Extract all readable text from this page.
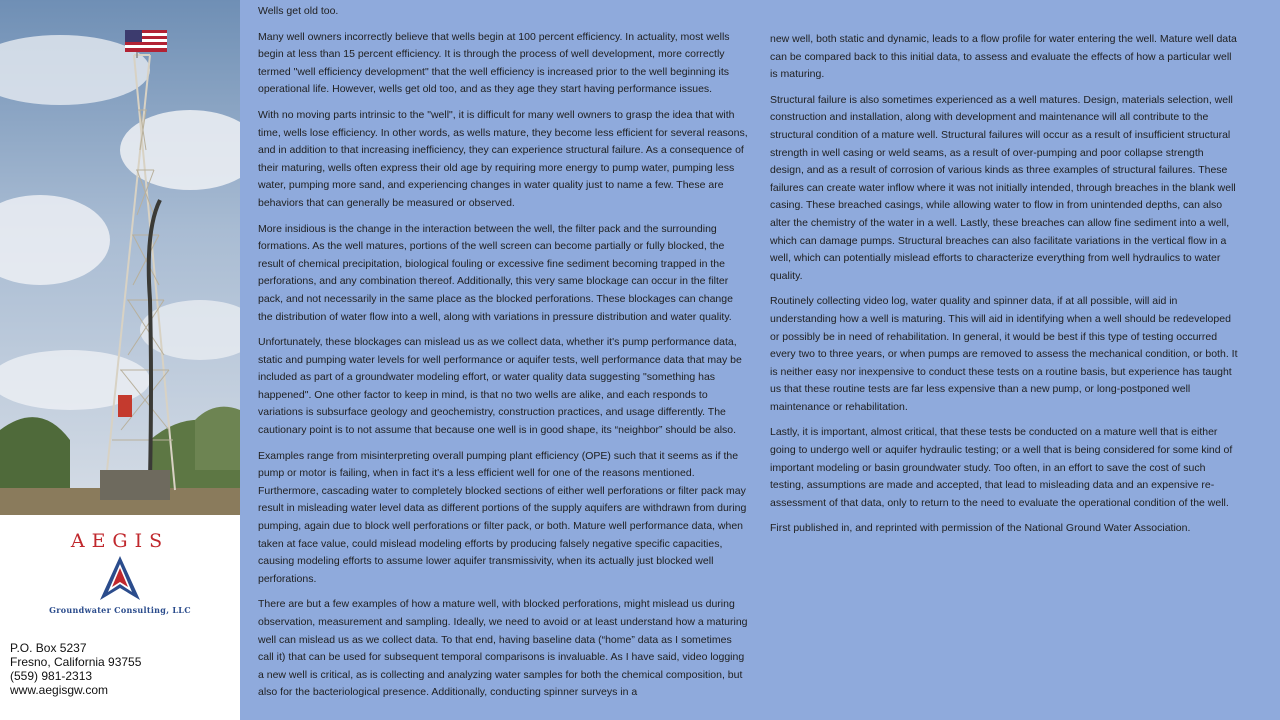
AEGIS
Groundwater Consulting, LLC
P.O. Box 5237
Fresno, California 93755
(559) 981-2313
www.aegisgw.com

Wells get old too.

Many well owners incorrectly believe that wells begin at 100 percent efficiency. In actuality, most wells begin at less than 15 percent efficiency. It is through the process of well development, more correctly termed "well efficiency development" that the well efficiency is increased prior to the well beginning its operational life. However, wells get old too, and as they age they start having performance issues.

With no moving parts intrinsic to the "well", it is difficult for many well owners to grasp the idea that with time, wells lose efficiency. In other words, as wells mature, they become less efficient for several reasons, and in addition to that increasing inefficiency, they can experience structural failure. As a consequence of their maturing, wells often express their old age by requiring more energy to pump water, pumping less water, pumping more sand, and experiencing changes in water quality just to name a few. These are behaviors that can generally be measured or observed.

More insidious is the change in the interaction between the well, the filter pack and the surrounding formations. As the well matures, portions of the well screen can become partially or fully blocked, the result of chemical precipitation, biological fouling or excessive fine sediment becoming trapped in the perforations, and any combination thereof. Additionally, this very same blockage can occur in the filter pack, and not necessarily in the same place as the blocked perforations. These blockages can change the distribution of water flow into a well, along with variations in pressure distribution and water quality.

Unfortunately, these blockages can mislead us as we collect data, whether it's pump performance data, static and pumping water levels for well performance or aquifer tests, well performance data that may be included as part of a groundwater modeling effort, or water quality data suggesting "something has happened". One other factor to keep in mind, is that no two wells are alike, and each responds to variations is subsurface geology and geochemistry, construction practices, and usage differently. The cautionary point is to not assume that because one well is in good shape, its “neighbor” should be also.

Examples range from misinterpreting overall pumping plant efficiency (OPE) such that it seems as if the pump or motor is failing, when in fact it's a less efficient well for one of the reasons mentioned. Furthermore, cascading water to completely blocked sections of either well perforations or filter pack may result in misleading water level data as different portions of the supply aquifers are withdrawn from during pumping, again due to block well perforations or filter pack, or both. Mature well performance data, when taken at face value, could mislead modeling efforts by producing falsely negative specific capacities, causing modeling efforts to assume lower aquifer transmissivity, when its actually just blocked well perforations.

There are but a few examples of how a mature well, with blocked perforations, might mislead us during observation, measurement and sampling. Ideally, we need to avoid or at least understand how a maturing well can mislead us as we collect data. To that end, having baseline data (“home” data as I sometimes call it) that can be used for subsequent temporal comparisons is invaluable. As I have said, video logging a new well is critical, as is collecting and analyzing water samples for both the chemical composition, but also for the bacteriological presence. Additionally, conducting spinner surveys in a

new well, both static and dynamic, leads to a flow profile for water entering the well. Mature well data can be compared back to this initial data, to assess and evaluate the effects of how a particular well is maturing.

Structural failure is also sometimes experienced as a well matures. Design, materials selection, well construction and installation, along with development and maintenance will all contribute to the structural condition of a mature well. Structural failures will occur as a result of insufficient structural strength in well casing or weld seams, as a result of over-pumping and poor collapse strength design, and as a result of corrosion of various kinds as three examples of structural failures. These failures can create water inflow where it was not initially intended, through breaches in the blank well casing. These breached casings, while allowing water to flow in from unintended depths, can also alter the chemistry of the water in a well. Lastly, these breaches can allow fine sediment into a well, which can damage pumps. Structural breaches can also facilitate variations in the vertical flow in a well, which can potentially mislead efforts to characterize everything from well hydraulics to water quality.

Routinely collecting video log, water quality and spinner data, if at all possible, will aid in understanding how a well is maturing. This will aid in identifying when a well should be redeveloped or possibly be in need of rehabilitation. In general, it would be best if this type of testing occurred every two to three years, or when pumps are removed to assess the mechanical condition, or both. It is neither easy nor inexpensive to conduct these tests on a routine basis, but experience has taught us that these routine tests are far less expensive than a new pump, or long-postponed well maintenance or rehabilitation.

Lastly, it is important, almost critical, that these tests be conducted on a mature well that is either going to undergo well or aquifer hydraulic testing; or a well that is being considered for some kind of important modeling or basin groundwater study. Too often, in an effort to save the cost of such testing, assumptions are made and accepted, that lead to misleading data and an expensive re-assessment of that data, only to return to the need to evaluate the operational condition of the well.

First published in, and reprinted with permission of the National Ground Water Association.
